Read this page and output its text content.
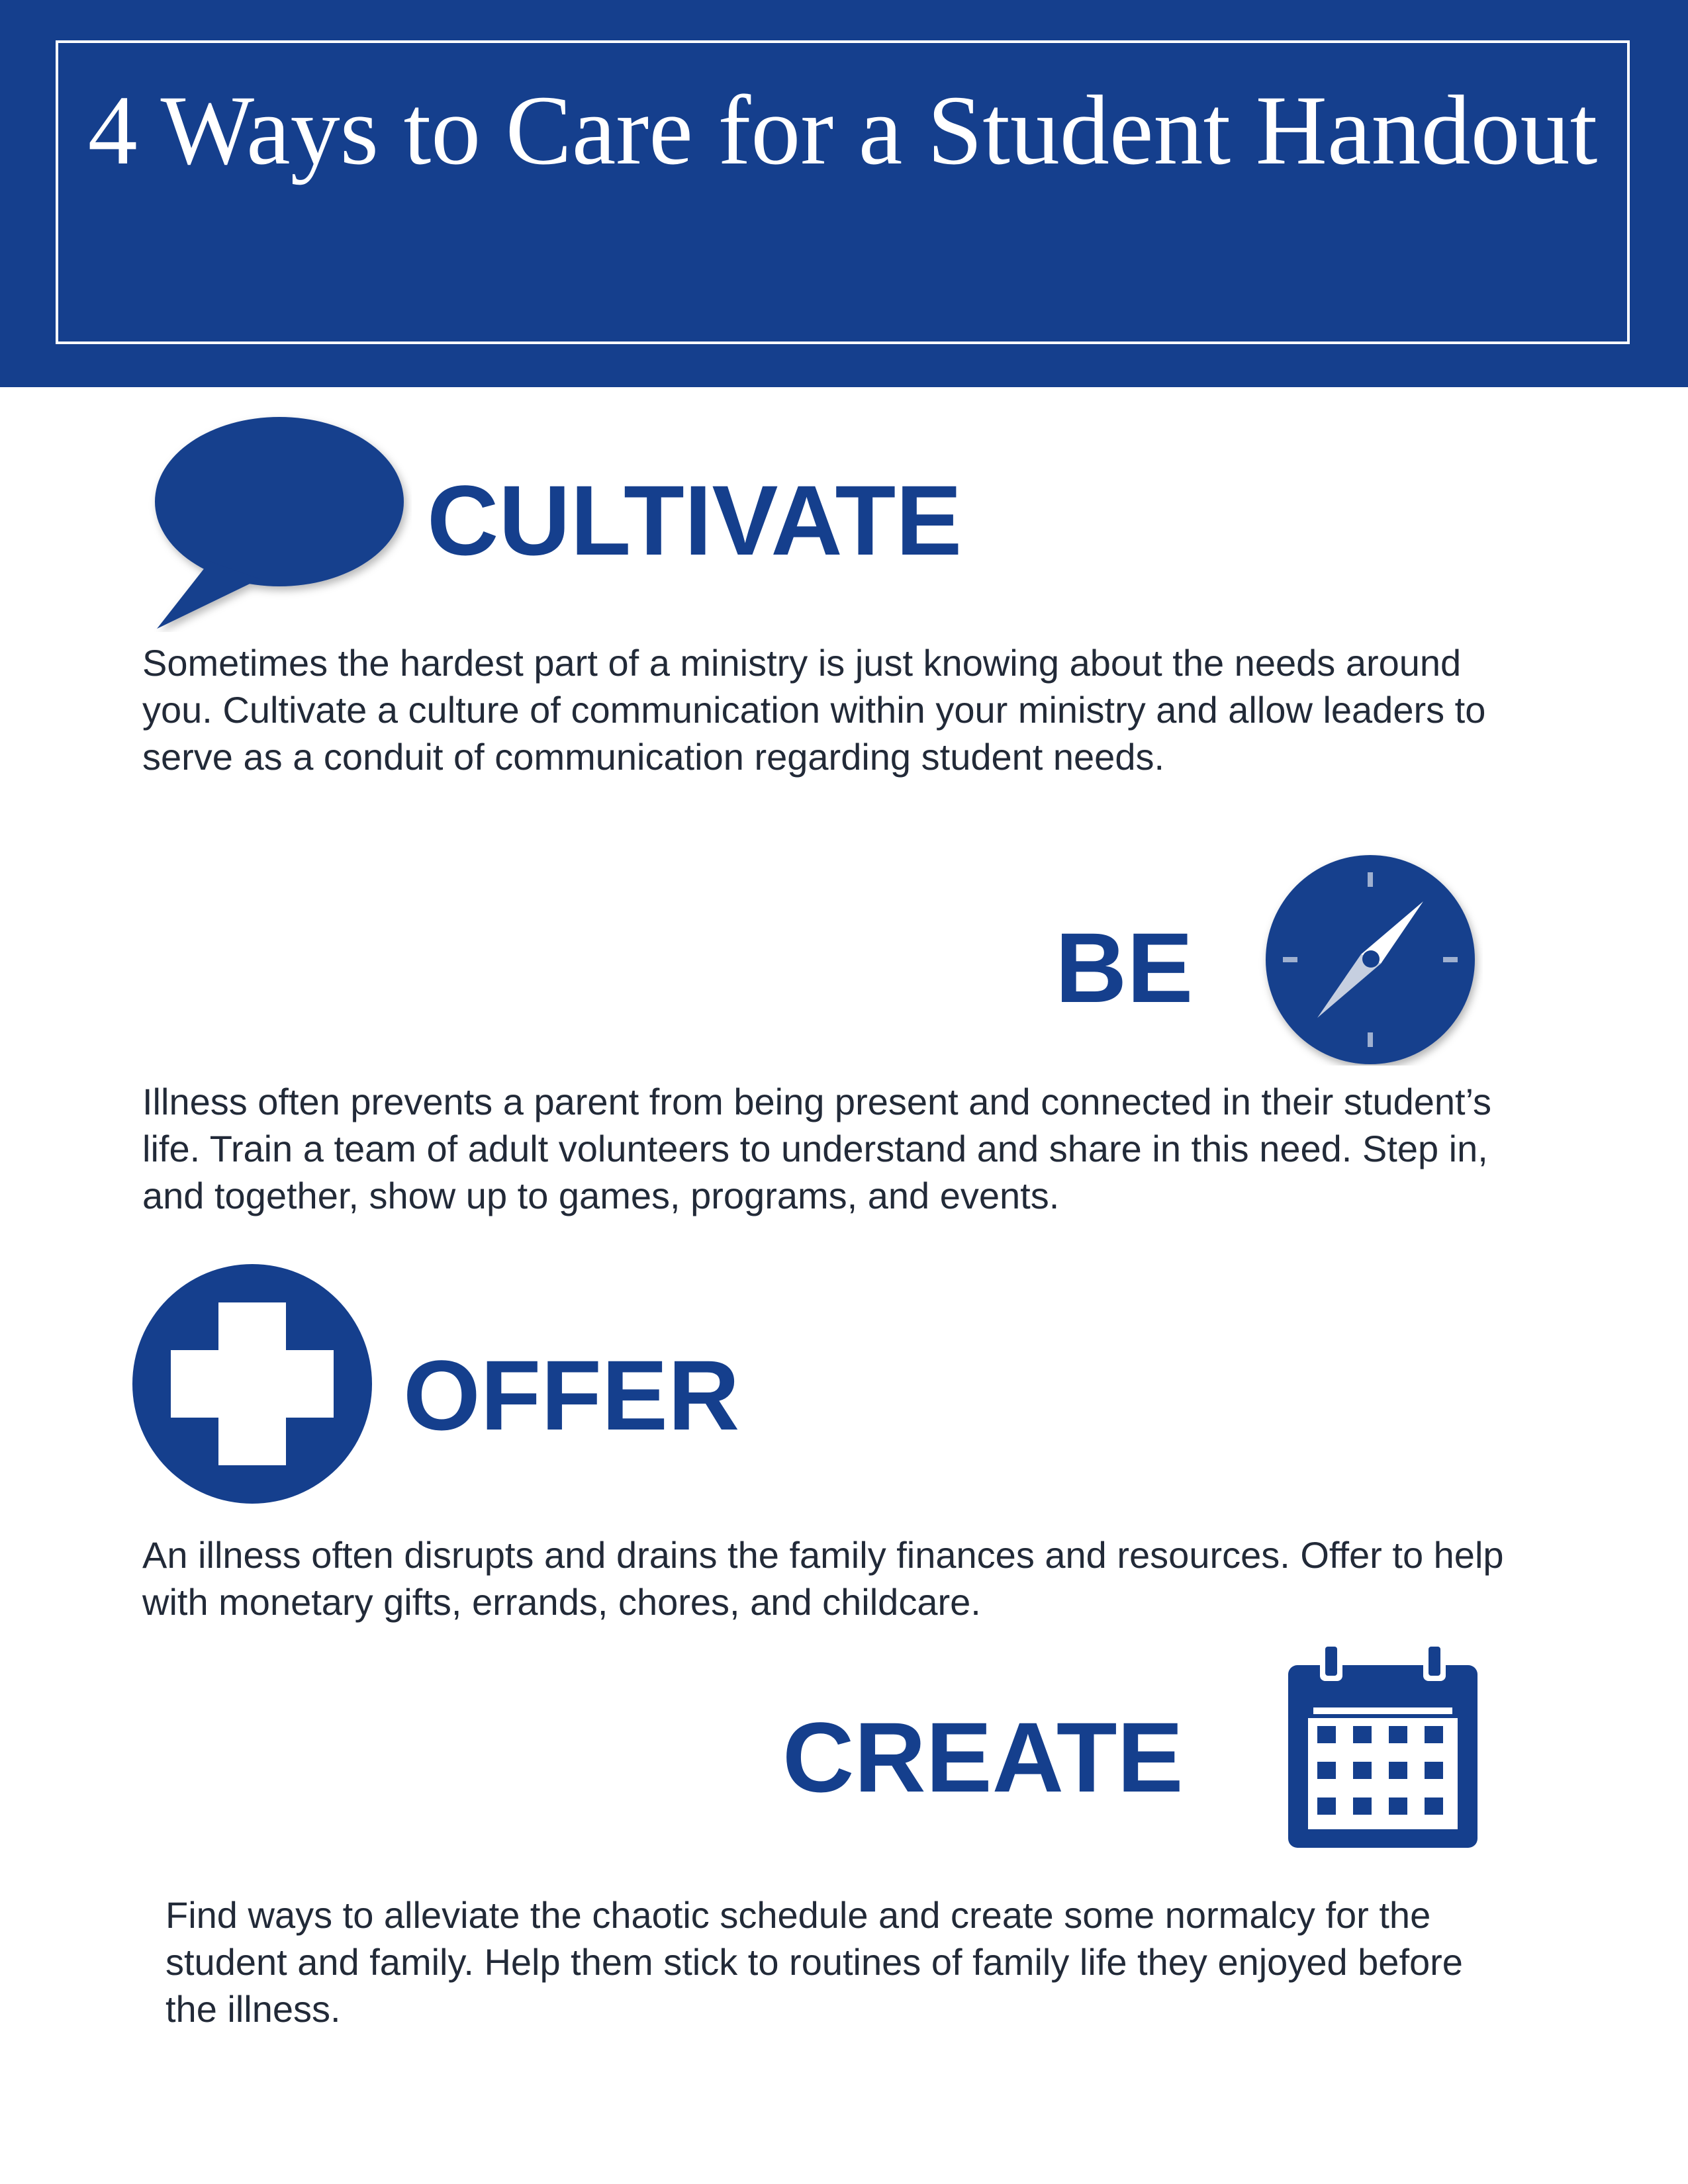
4 Ways to Care for a Student Handout
CULTIVATE

Sometimes the hardest part of a ministry is just knowing about the needs around you. Cultivate a culture of communication within your ministry and allow leaders to serve as a conduit of communication regarding student needs.

BE

Illness often prevents a parent from being present and connected in their student’s life. Train a team of adult volunteers to understand and share in this need. Step in, and together, show up to games, programs, and events.

OFFER

An illness often disrupts and drains the family finances and resources. Offer to help with monetary gifts, errands, chores, and childcare.

CREATE

Find ways to alleviate the chaotic schedule and create some normalcy for the student and family. Help them stick to routines of family life they enjoyed before the illness.
